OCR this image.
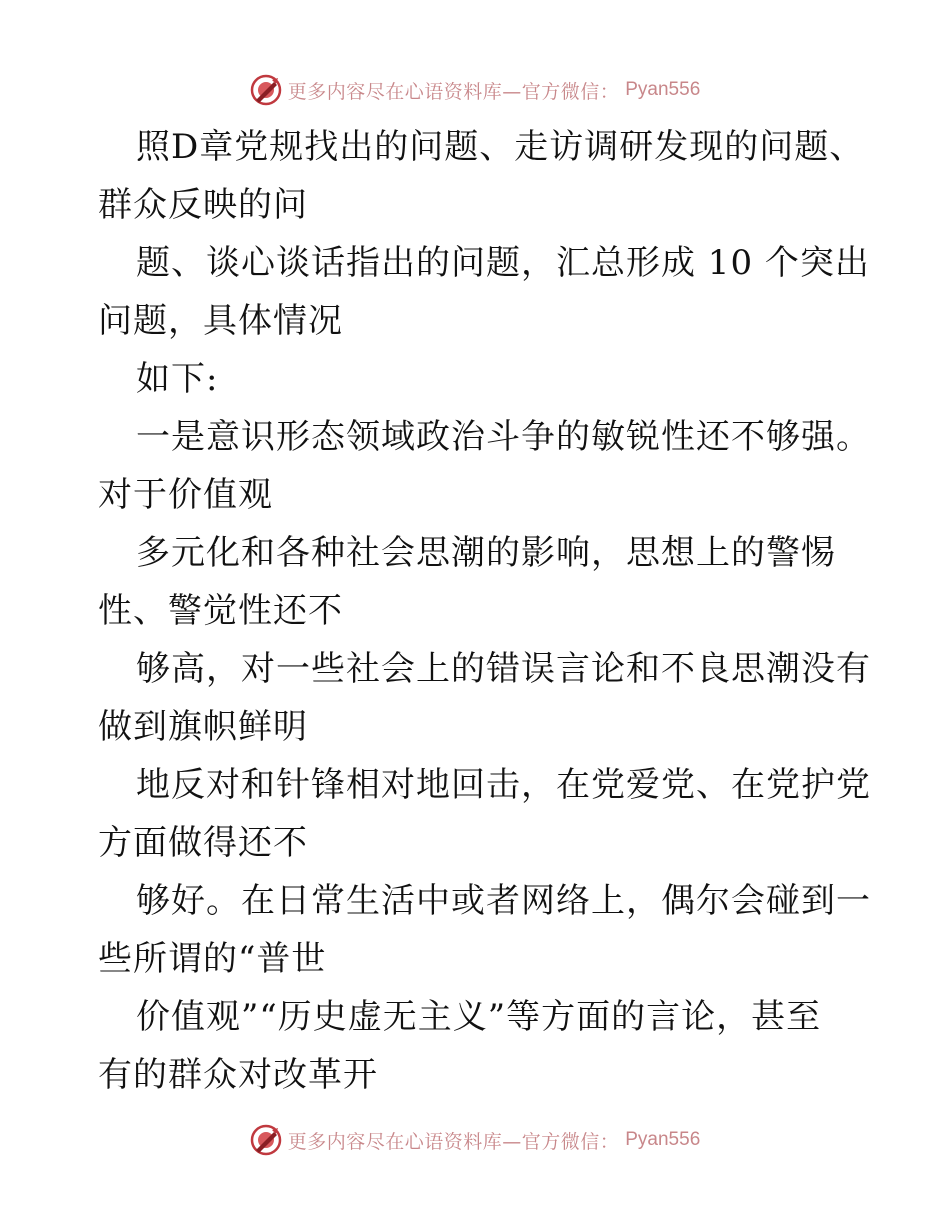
更多内容尽在心语资料库—官方微信： Pyan556

照D章党规找出的问题、走访调研发现的问题、
群众反映的问

题、谈心谈话指出的问题，汇总形成 10 个突出
问题，具体情况

如下:

一是意识形态领域政治斗争的敏锐性还不够强。
对于价值观

多元化和各种社会思潮的影响，思想上的警惕
性、警觉性还不

够高，对一些社会上的错误言论和不良思潮没有
做到旗帜鲜明

地反对和针锋相对地回击，在党爱党、在党护党
方面做得还不

够好。在日常生活中或者网络上，偶尔会碰到一
些所谓的“普世

价值观”“历史虚无主义”等方面的言论，甚至
有的群众对改革开

更多内容尽在心语资料库—官方微信： Pyan556
